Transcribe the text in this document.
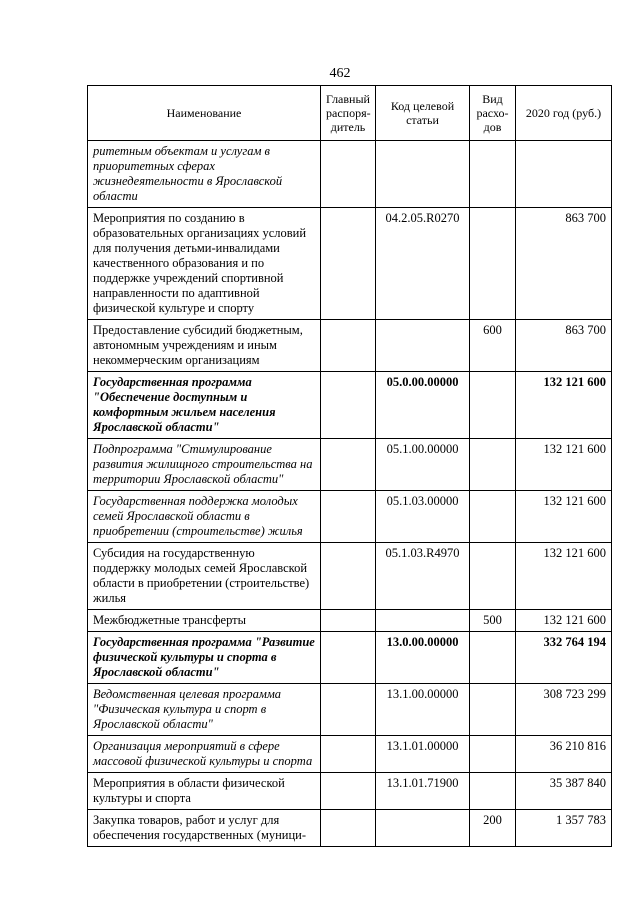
462
Наименование	Главный распоря-дитель	Код целевой статьи	Вид расхо-дов	2020 год (руб.)
ритетным объектам и услугам в приоритетных сферах жизнедеятельности в Ярославской области				
Мероприятия по созданию в образовательных организациях условий для получения детьми-инвалидами качественного образования и по поддержке учреждений спортивной направленности по адаптивной физической культуре и спорту		04.2.05.R0270		863 700
Предоставление субсидий бюджетным, автономным учреждениям и иным некоммерческим организациям			600	863 700
Государственная программа "Обеспечение доступным и комфортным жильем населения Ярославской области"		05.0.00.00000		132 121 600
Подпрограмма "Стимулирование развития жилищного строительства на территории Ярославской области"		05.1.00.00000		132 121 600
Государственная поддержка молодых семей Ярославской области в приобретении (строительстве) жилья		05.1.03.00000		132 121 600
Субсидия на государственную поддержку молодых семей Ярославской области в приобретении (строительстве) жилья		05.1.03.R4970		132 121 600
Межбюджетные трансферты			500	132 121 600
Государственная программа "Развитие физической культуры и спорта в Ярославской области"		13.0.00.00000		332 764 194
Ведомственная целевая программа "Физическая культура и спорт в Ярославской области"		13.1.00.00000		308 723 299
Организация мероприятий в сфере массовой физической культуры и спорта		13.1.01.00000		36 210 816
Мероприятия в области физической культуры и спорта		13.1.01.71900		35 387 840
Закупка товаров, работ и услуг для обеспечения государственных (муници-			200	1 357 783
